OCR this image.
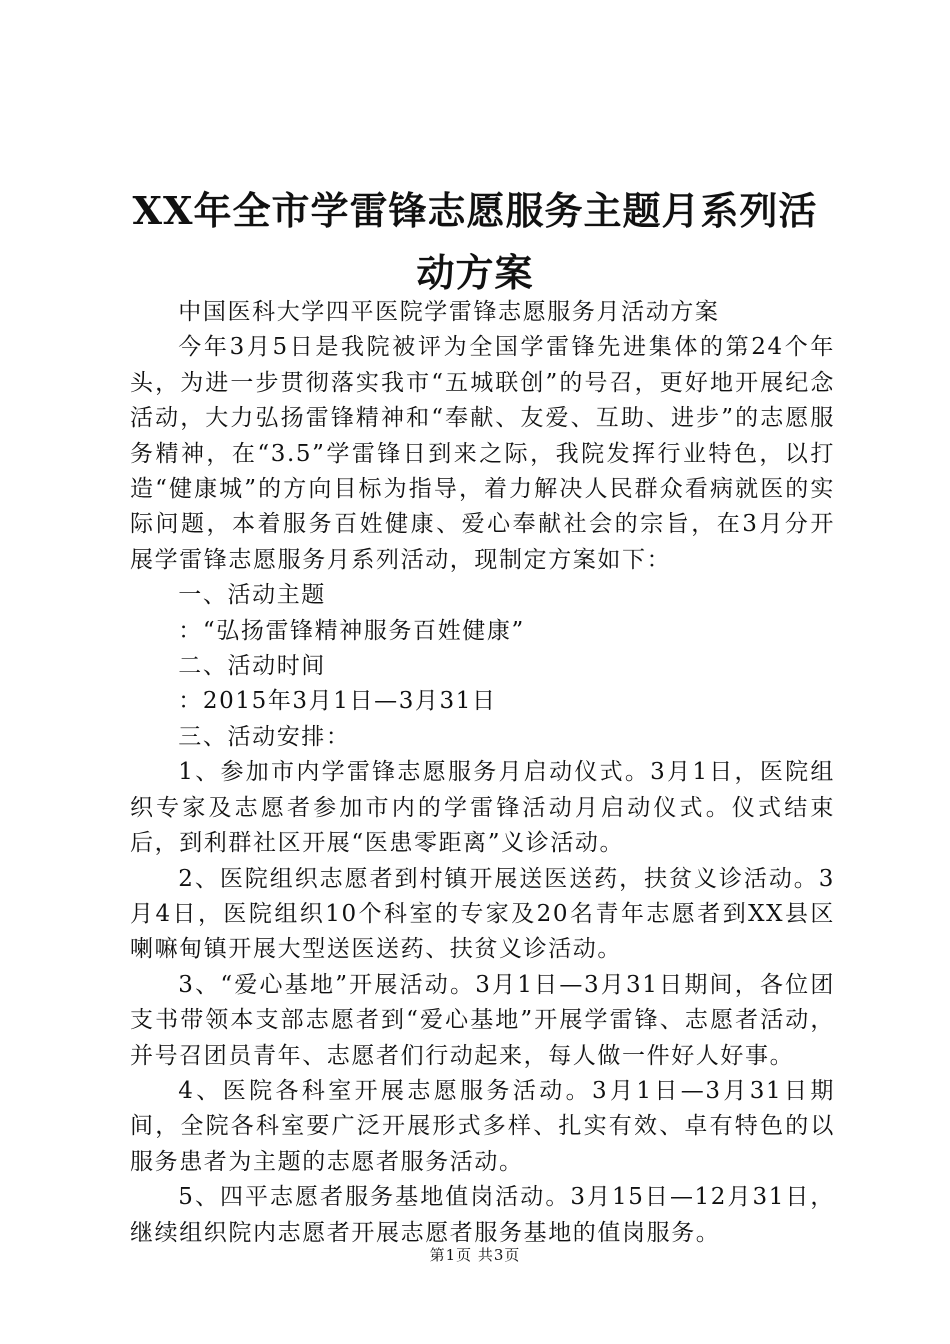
XX年全市学雷锋志愿服务主题月系列活动方案

中国医科大学四平医院学雷锋志愿服务月活动方案

今年3月5日是我院被评为全国学雷锋先进集体的第24个年头，为进一步贯彻落实我市“五城联创”的号召，更好地开展纪念活动，大力弘扬雷锋精神和“奉献、友爱、互助、进步”的志愿服务精神，在“3.5”学雷锋日到来之际，我院发挥行业特色，以打造“健康城”的方向目标为指导，着力解决人民群众看病就医的实际问题，本着服务百姓健康、爱心奉献社会的宗旨，在3月分开展学雷锋志愿服务月系列活动，现制定方案如下：

一、活动主题

：“弘扬雷锋精神服务百姓健康”

二、活动时间

：2015年3月1日—3月31日

三、活动安排：

1、参加市内学雷锋志愿服务月启动仪式。3月1日，医院组织专家及志愿者参加市内的学雷锋活动月启动仪式。仪式结束后，到利群社区开展“医患零距离”义诊活动。

2、医院组织志愿者到村镇开展送医送药，扶贫义诊活动。3月4日，医院组织10个科室的专家及20名青年志愿者到XX县区喇嘛甸镇开展大型送医送药、扶贫义诊活动。

3、“爱心基地”开展活动。3月1日—3月31日期间，各位团支书带领本支部志愿者到“爱心基地”开展学雷锋、志愿者活动，并号召团员青年、志愿者们行动起来，每人做一件好人好事。

4、医院各科室开展志愿服务活动。3月1日—3月31日期间，全院各科室要广泛开展形式多样、扎实有效、卓有特色的以服务患者为主题的志愿者服务活动。

5、四平志愿者服务基地值岗活动。3月15日—12月31日，继续组织院内志愿者开展志愿者服务基地的值岗服务。

第1页 共3页
